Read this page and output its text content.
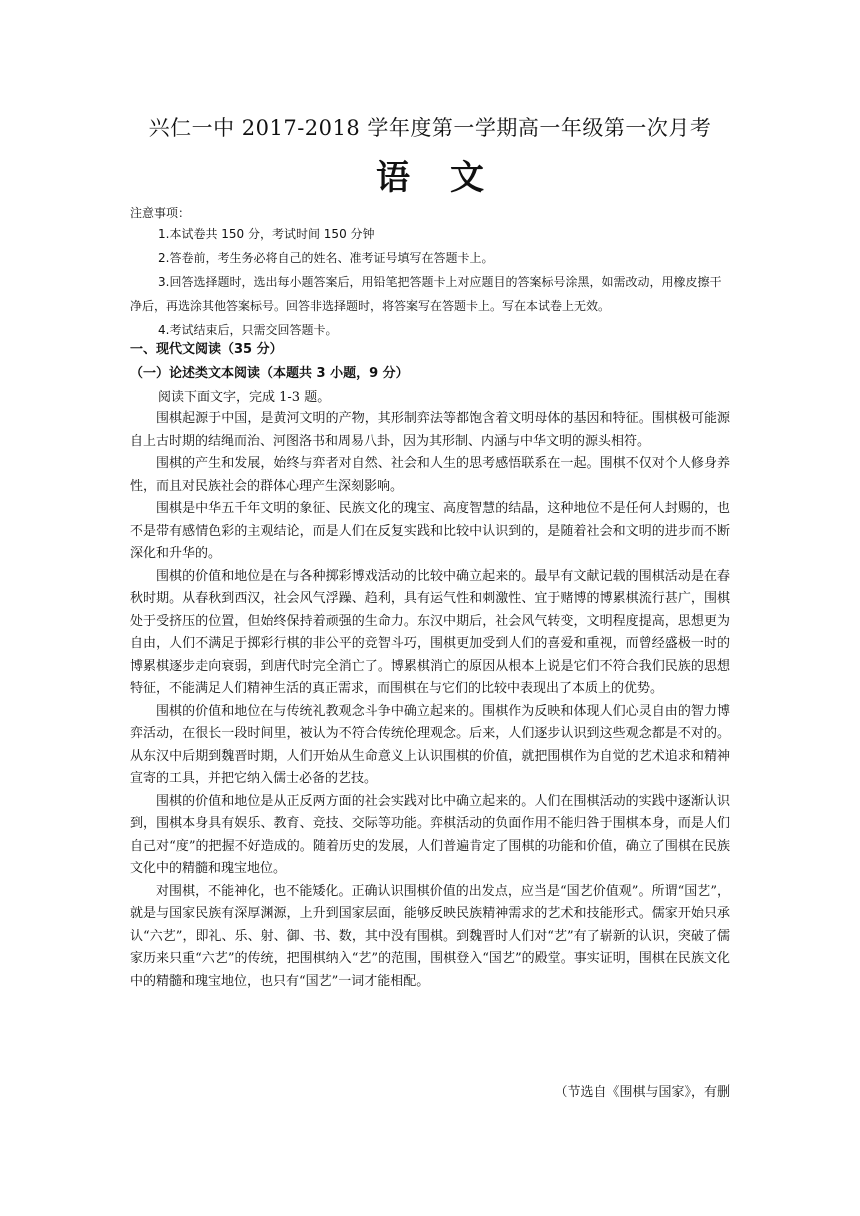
兴仁一中 2017-2018 学年度第一学期高一年级第一次月考
语文
注意事项：

1.本试卷共 150 分，考试时间 150 分钟

2.答卷前，考生务必将自己的姓名、准考证号填写在答题卡上。

3.回答选择题时，选出每小题答案后，用铅笔把答题卡上对应题目的答案标号涂黑，如需改动，用橡皮擦干净后，再选涂其他答案标号。回答非选择题时，将答案写在答题卡上。写在本试卷上无效。

4.考试结束后，只需交回答题卡。

一、现代文阅读（35 分）
（一）论述类文本阅读（本题共 3 小题，9 分）
阅读下面文字，完成 1-3 题。

围棋起源于中国，是黄河文明的产物，其形制弈法等都饱含着文明母体的基因和特征。围棋极可能源自上古时期的结绳而治、河图洛书和周易八卦，因为其形制、内涵与中华文明的源头相符。

围棋的产生和发展，始终与弈者对自然、社会和人生的思考感悟联系在一起。围棋不仅对个人修身养性，而且对民族社会的群体心理产生深刻影响。

围棋是中华五千年文明的象征、民族文化的瑰宝、高度智慧的结晶，这种地位不是任何人封赐的，也不是带有感情色彩的主观结论，而是人们在反复实践和比较中认识到的，是随着社会和文明的进步而不断深化和升华的。

围棋的价值和地位是在与各种掷彩博戏活动的比较中确立起来的。最早有文献记载的围棋活动是在春秋时期。从春秋到西汉，社会风气浮躁、趋利，具有运气性和刺激性、宜于赌博的博累棋流行甚广，围棋处于受挤压的位置，但始终保持着顽强的生命力。东汉中期后，社会风气转变，文明程度提高，思想更为自由，人们不满足于掷彩行棋的非公平的竞智斗巧，围棋更加受到人们的喜爱和重视，而曾经盛极一时的博累棋逐步走向衰弱，到唐代时完全消亡了。博累棋消亡的原因从根本上说是它们不符合我们民族的思想特征，不能满足人们精神生活的真正需求，而围棋在与它们的比较中表现出了本质上的优势。

围棋的价值和地位在与传统礼教观念斗争中确立起来的。围棋作为反映和体现人们心灵自由的智力博弈活动，在很长一段时间里，被认为不符合传统伦理观念。后来，人们逐步认识到这些观念都是不对的。从东汉中后期到魏晋时期，人们开始从生命意义上认识围棋的价值，就把围棋作为自觉的艺术追求和精神宣寄的工具，并把它纳入儒士必备的艺技。

围棋的价值和地位是从正反两方面的社会实践对比中确立起来的。人们在围棋活动的实践中逐渐认识到，围棋本身具有娱乐、教育、竞技、交际等功能。弈棋活动的负面作用不能归咎于围棋本身，而是人们自己对“度”的把握不好造成的。随着历史的发展，人们普遍肯定了围棋的功能和价值，确立了围棋在民族文化中的精髓和瑰宝地位。

对围棋，不能神化，也不能矮化。正确认识围棋价值的出发点，应当是“国艺价值观”。所谓“国艺”，就是与国家民族有深厚渊源，上升到国家层面，能够反映民族精神需求的艺术和技能形式。儒家开始只承认“六艺”，即礼、乐、射、御、书、数，其中没有围棋。到魏晋时人们对“艺”有了崭新的认识，突破了儒家历来只重“六艺”的传统，把围棋纳入“艺”的范围，围棋登入“国艺”的殿堂。事实证明，围棋在民族文化中的精髓和瑰宝地位，也只有“国艺”一词才能相配。

（节选自《围棋与国家》，有删
